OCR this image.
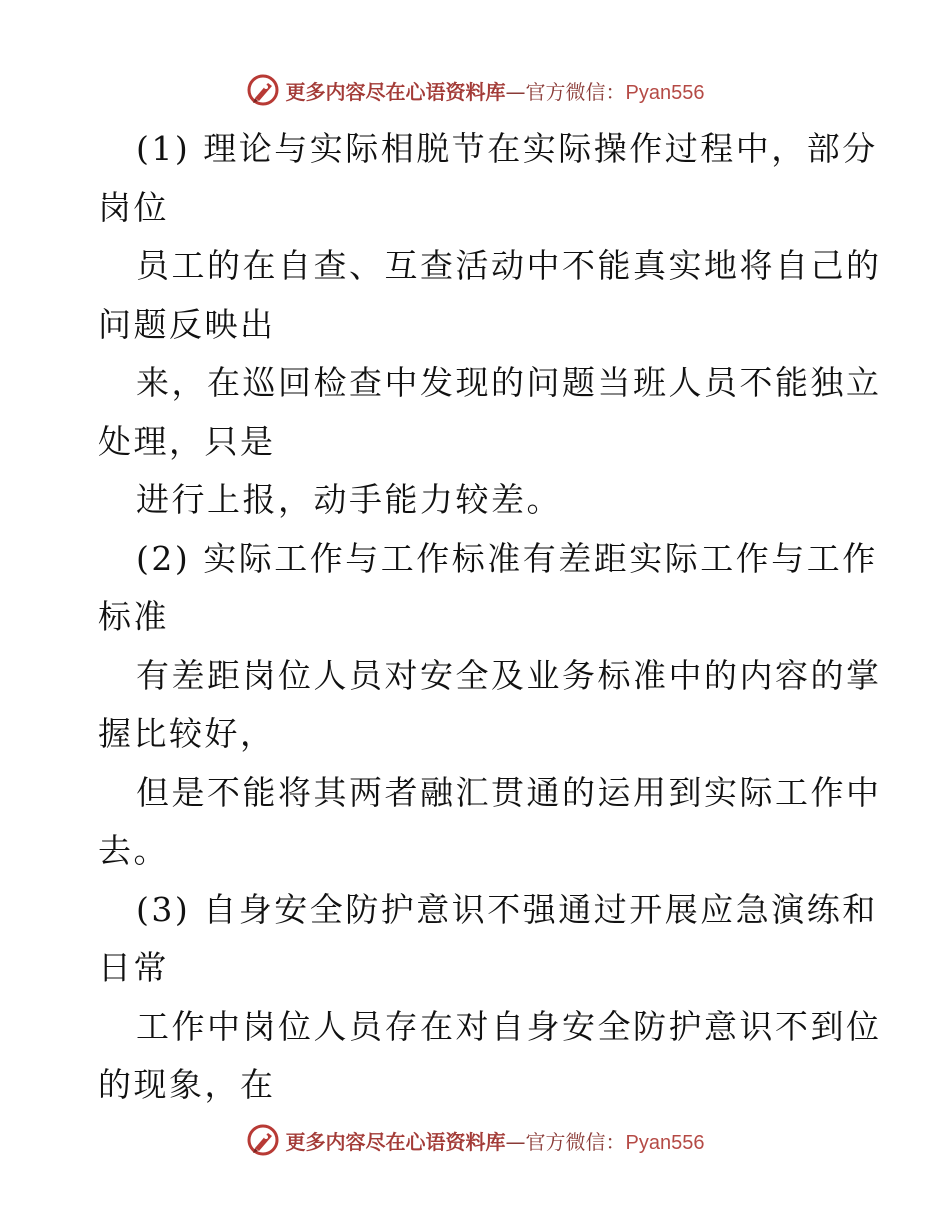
更多内容尽在心语资料库—官方微信：Pyan556
(1) 理论与实际相脱节在实际操作过程中，部分
岗位
员工的在自查、互查活动中不能真实地将自己的
问题反映出
来，在巡回检查中发现的问题当班人员不能独立
处理，只是
进行上报，动手能力较差。
(2) 实际工作与工作标准有差距实际工作与工作
标准
有差距岗位人员对安全及业务标准中的内容的掌
握比较好，
但是不能将其两者融汇贯通的运用到实际工作中
去。
(3) 自身安全防护意识不强通过开展应急演练和
日常
工作中岗位人员存在对自身安全防护意识不到位
的现象，在
更多内容尽在心语资料库—官方微信：Pyan556
